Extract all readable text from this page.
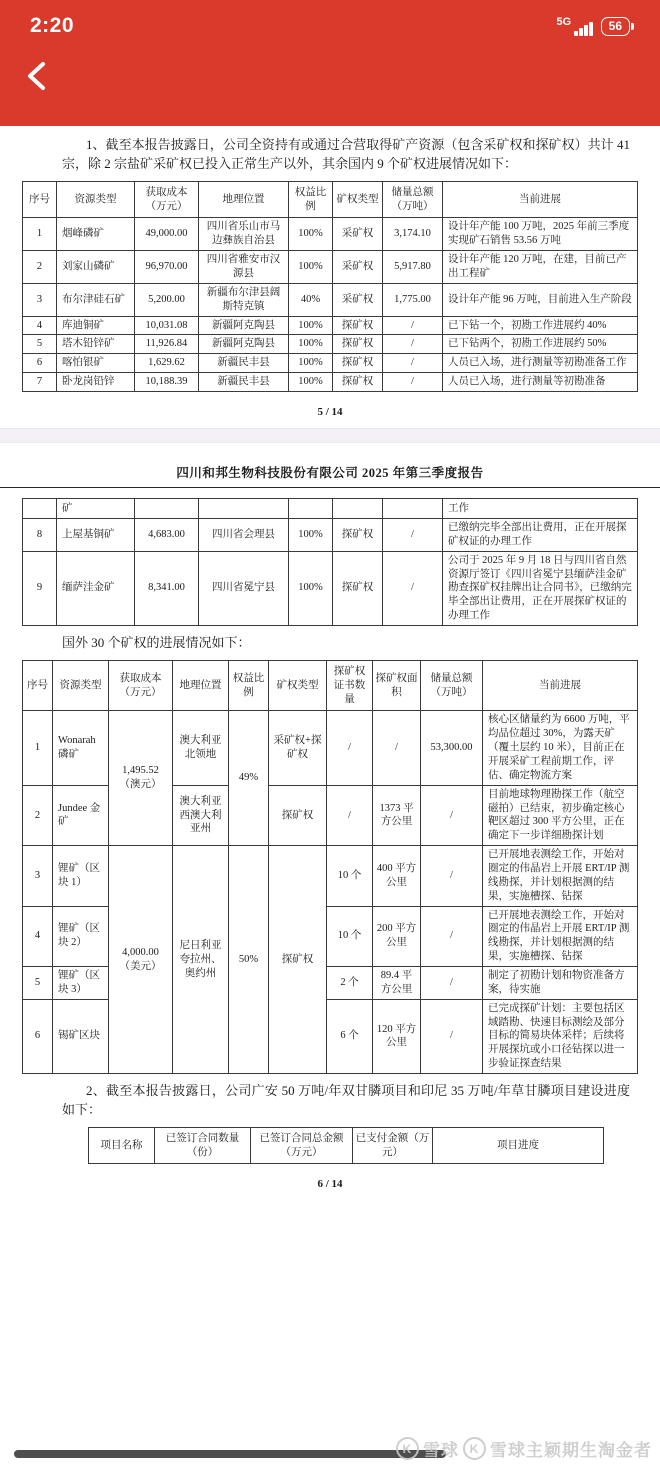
2:20	5G	56

1、截至本报告披露日，公司全资持有或通过合营取得矿产资源（包含采矿权和探矿权）共计 41 宗，除 2 宗盐矿采矿权已投入正常生产以外，其余国内 9 个矿权进展情况如下：

序号	资源类型	获取成本（万元）	地理位置	权益比例	矿权类型	储量总额（万吨）	当前进展
1	烟峰磷矿	49,000.00	四川省乐山市马边彝族自治县	100%	采矿权	3,174.10	设计年产能 100 万吨，2025 年前三季度实现矿石销售 53.56 万吨
2	刘家山磷矿	96,970.00	四川省雅安市汉源县	100%	采矿权	5,917.80	设计年产能 120 万吨，在建，目前已产出工程矿
3	布尔津硅石矿	5,200.00	新疆布尔津县阔斯特克镇	40%	采矿权	1,775.00	设计年产能 96 万吨，目前进入生产阶段
4	库迪铜矿	10,031.08	新疆阿克陶县	100%	探矿权	/	已下钻一个，初勘工作进展约 40%
5	塔木铅锌矿	11,926.84	新疆阿克陶县	100%	探矿权	/	已下钻两个，初勘工作进展约 50%
6	喀怕银矿	1,629.62	新疆民丰县	100%	探矿权	/	人员已入场，进行测量等初勘准备工作
7	卧龙岗铅锌	10,188.39	新疆民丰县	100%	探矿权	/	人员已入场，进行测量等初勘准备
5 / 14
四川和邦生物科技股份有限公司 2025 年第三季度报告
	矿						工作
8	上屋基铜矿	4,683.00	四川省会理县	100%	探矿权	/	已缴纳完毕全部出让费用，正在开展探矿权证的办理工作
9	缅萨洼金矿	8,341.00	四川省冕宁县	100%	探矿权	/	公司于 2025 年 9 月 18 日与四川省自然资源厅签订《四川省冕宁县缅萨洼金矿勘查探矿权挂牌出让合同书》，已缴纳完毕全部出让费用，正在开展探矿权证的办理工作

国外 30 个矿权的进展情况如下：

序号	资源类型	获取成本（万元）	地理位置	权益比例	矿权类型	探矿权证书数量	探矿权面积	储量总额（万吨）	当前进展
1	Wonarah 磷矿	1,495.52（澳元）	澳大利亚北领地	49%	采矿权+探矿权	/	/	53,300.00	核心区储量约为 6600 万吨，平均品位超过 30%，为露天矿（覆土层约 10 米），目前正在开展采矿工程前期工作，评估、确定物流方案
2	Jundee 金矿		澳大利亚西澳大利亚州		探矿权	/	1373 平方公里	/	目前地球物理勘探工作（航空磁拍）已结束，初步确定核心靶区超过 300 平方公里，正在确定下一步详细勘探计划
3	锂矿（区块 1）	4,000.00（美元）	尼日利亚夸拉州、奥约州	50%	探矿权	10 个	400 平方公里	/	已开展地表测绘工作，开始对圈定的伟晶岩上开展 ERT/IP 测线勘探，并计划根据测的结果，实施槽探、钻探
4	锂矿（区块 2）					10 个	200 平方公里	/	已开展地表测绘工作，开始对圈定的伟晶岩上开展 ERT/IP 测线勘探，并计划根据测的结果，实施槽探、钻探
5	锂矿（区块 3）					2 个	89.4 平方公里	/	制定了初勘计划和物资准备方案，待实施
6	锡矿区块					6 个	120 平方公里	/	已完成探矿计划：主要包括区域踏勘、快速目标测绘及部分目标的简易块体采样；后续将开展探坑或小口径钻探以进一步验证探查结果

2、截至本报告披露日，公司广安 50 万吨/年双甘膦项目和印尼 35 万吨/年草甘膦项目建设进度如下：

项目名称	已签订合同数量（份）	已签订合同总金额（万元）	已支付金额（万元）	项目进度
6 / 14
K 雪球 K 雪球主颖期生淘金者
